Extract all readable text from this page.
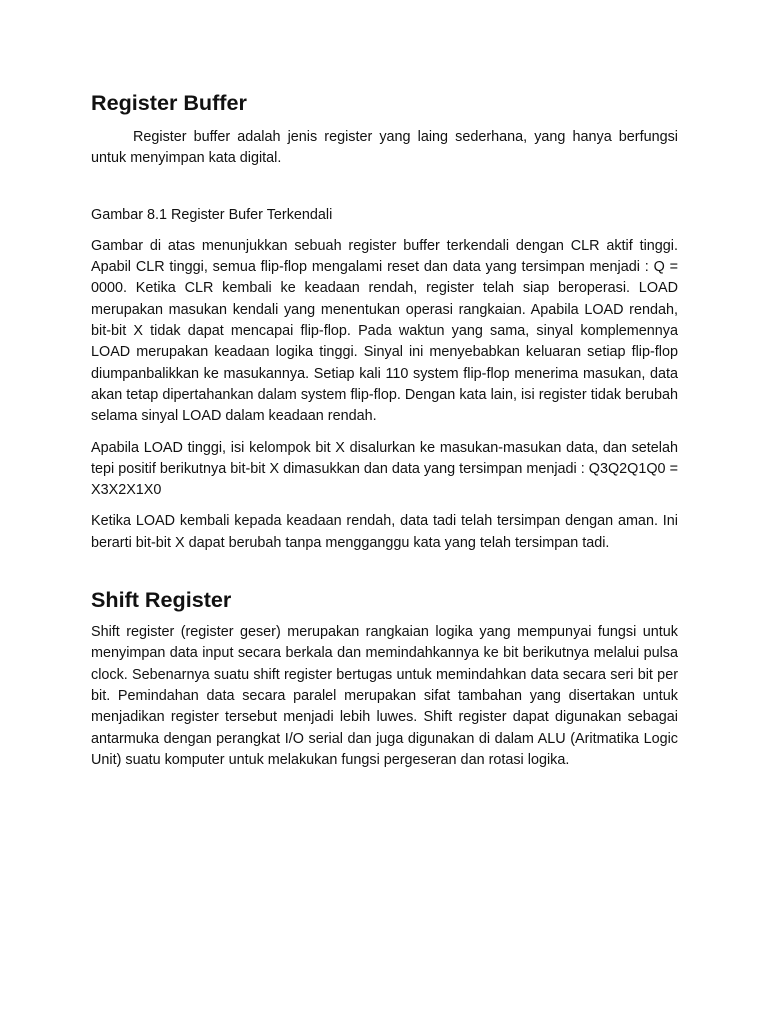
Register Buffer

Register buffer adalah jenis register yang laing sederhana, yang hanya berfungsi untuk menyimpan kata digital.

Gambar 8.1 Register Bufer Terkendali

Gambar di atas menunjukkan sebuah register buffer terkendali dengan CLR aktif tinggi. Apabil CLR tinggi, semua flip-flop mengalami reset dan data yang tersimpan menjadi : Q = 0000. Ketika CLR kembali ke keadaan rendah, register telah siap beroperasi. LOAD merupakan masukan kendali yang menentukan operasi rangkaian. Apabila LOAD rendah, bit-bit X tidak dapat mencapai flip-flop. Pada waktun yang sama, sinyal komplemennya LOAD merupakan keadaan logika tinggi. Sinyal ini menyebabkan keluaran setiap flip-flop diumpanbalikkan ke masukannya. Setiap kali 110 system flip-flop menerima masukan, data akan tetap dipertahankan dalam system flip-flop. Dengan kata lain, isi register tidak berubah selama sinyal LOAD dalam keadaan rendah.

Apabila LOAD tinggi, isi kelompok bit X disalurkan ke masukan-masukan data, dan setelah tepi positif berikutnya bit-bit X dimasukkan dan data yang tersimpan menjadi : Q3Q2Q1Q0 = X3X2X1X0

Ketika LOAD kembali kepada keadaan rendah, data tadi telah tersimpan dengan aman. Ini berarti bit-bit X dapat berubah tanpa mengganggu kata yang telah tersimpan tadi.

Shift Register

Shift register (register geser) merupakan rangkaian logika yang mempunyai fungsi untuk menyimpan data input secara berkala dan memindahkannya ke bit berikutnya melalui pulsa clock. Sebenarnya suatu shift register bertugas untuk memindahkan data secara seri bit per bit. Pemindahan data secara paralel merupakan sifat tambahan yang disertakan untuk menjadikan register tersebut menjadi lebih luwes. Shift register dapat digunakan sebagai antarmuka dengan perangkat I/O serial dan juga digunakan di dalam ALU (Aritmatika Logic Unit) suatu komputer untuk melakukan fungsi pergeseran dan rotasi logika.
